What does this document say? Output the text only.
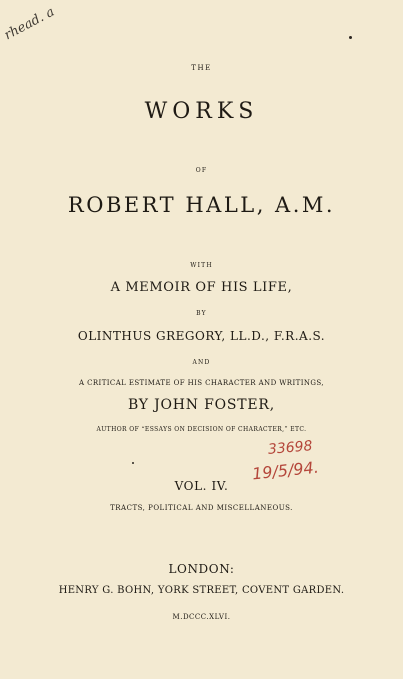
rhead. a
THE
WORKS
OF
ROBERT HALL, A.M.
WITH
A MEMOIR OF HIS LIFE,
BY
OLINTHUS GREGORY, LL.D., F.R.A.S.
AND
A CRITICAL ESTIMATE OF HIS CHARACTER AND WRITINGS,
BY JOHN FOSTER,
AUTHOR OF “ESSAYS ON DECISION OF CHARACTER,” ETC.
33698
19/5/94.
VOL. IV.
TRACTS, POLITICAL AND MISCELLANEOUS.
LONDON:
HENRY G. BOHN, YORK STREET, COVENT GARDEN.
M.DCCC.XLVI.
